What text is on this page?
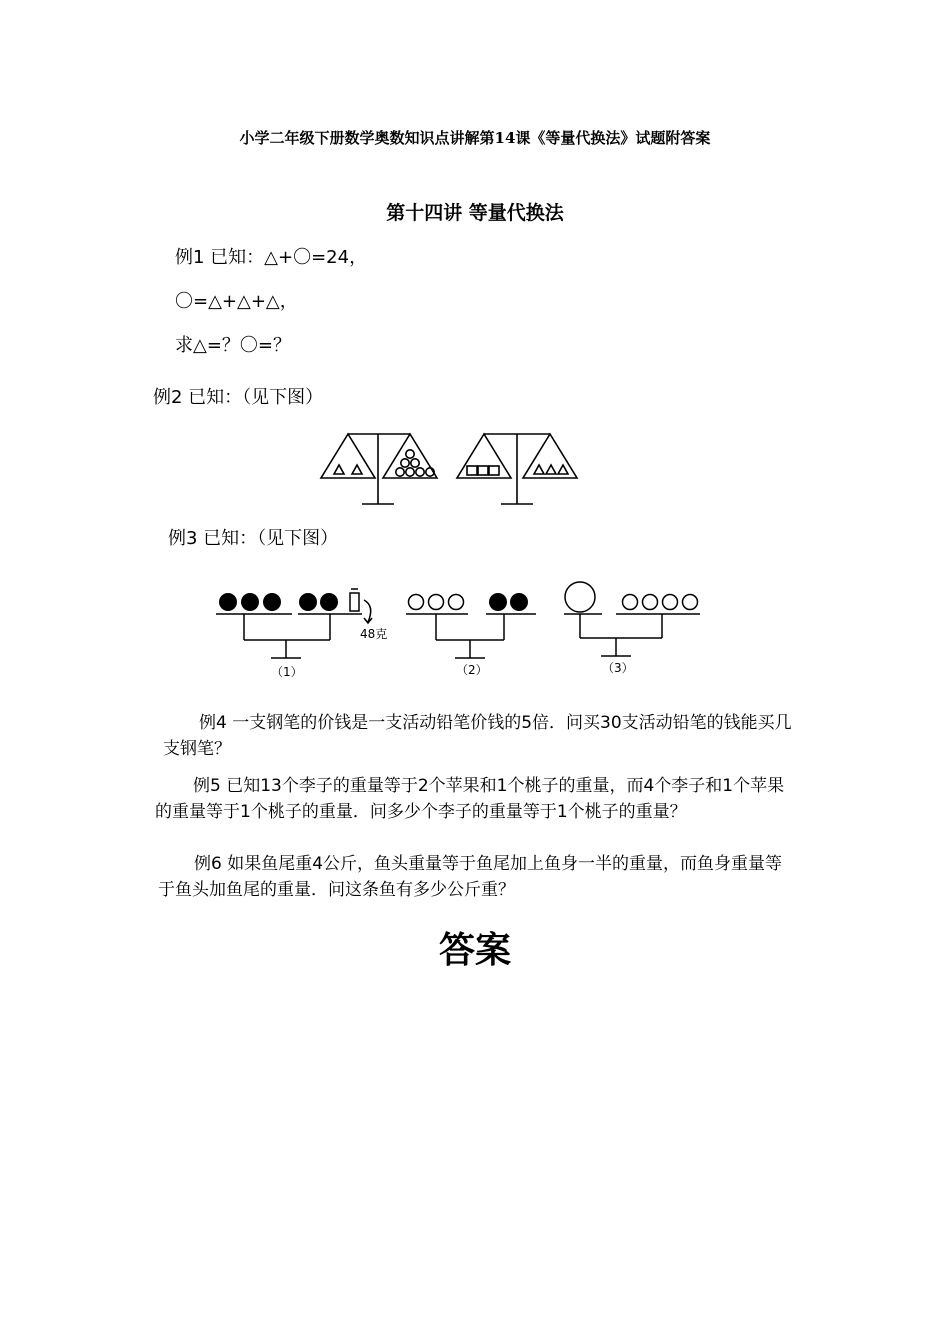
小学二年级下册数学奥数知识点讲解第14课《等量代换法》试题附答案
第十四讲 等量代换法
例1 已知：△+〇=24，
〇=△+△+△，
求△=？〇=？
例2 已知：（见下图）
例3 已知：（见下图）
48克
（1）	（2）	（3）
例4 一支钢笔的价钱是一支活动铅笔价钱的5倍．问买30支活动铅笔的钱能买几支钢笔？
例5 已知13个李子的重量等于2个苹果和1个桃子的重量，而4个李子和1个苹果的重量等于1个桃子的重量．问多少个李子的重量等于1个桃子的重量？
例6 如果鱼尾重4公斤，鱼头重量等于鱼尾加上鱼身一半的重量，而鱼身重量等于鱼头加鱼尾的重量．问这条鱼有多少公斤重？
答案
